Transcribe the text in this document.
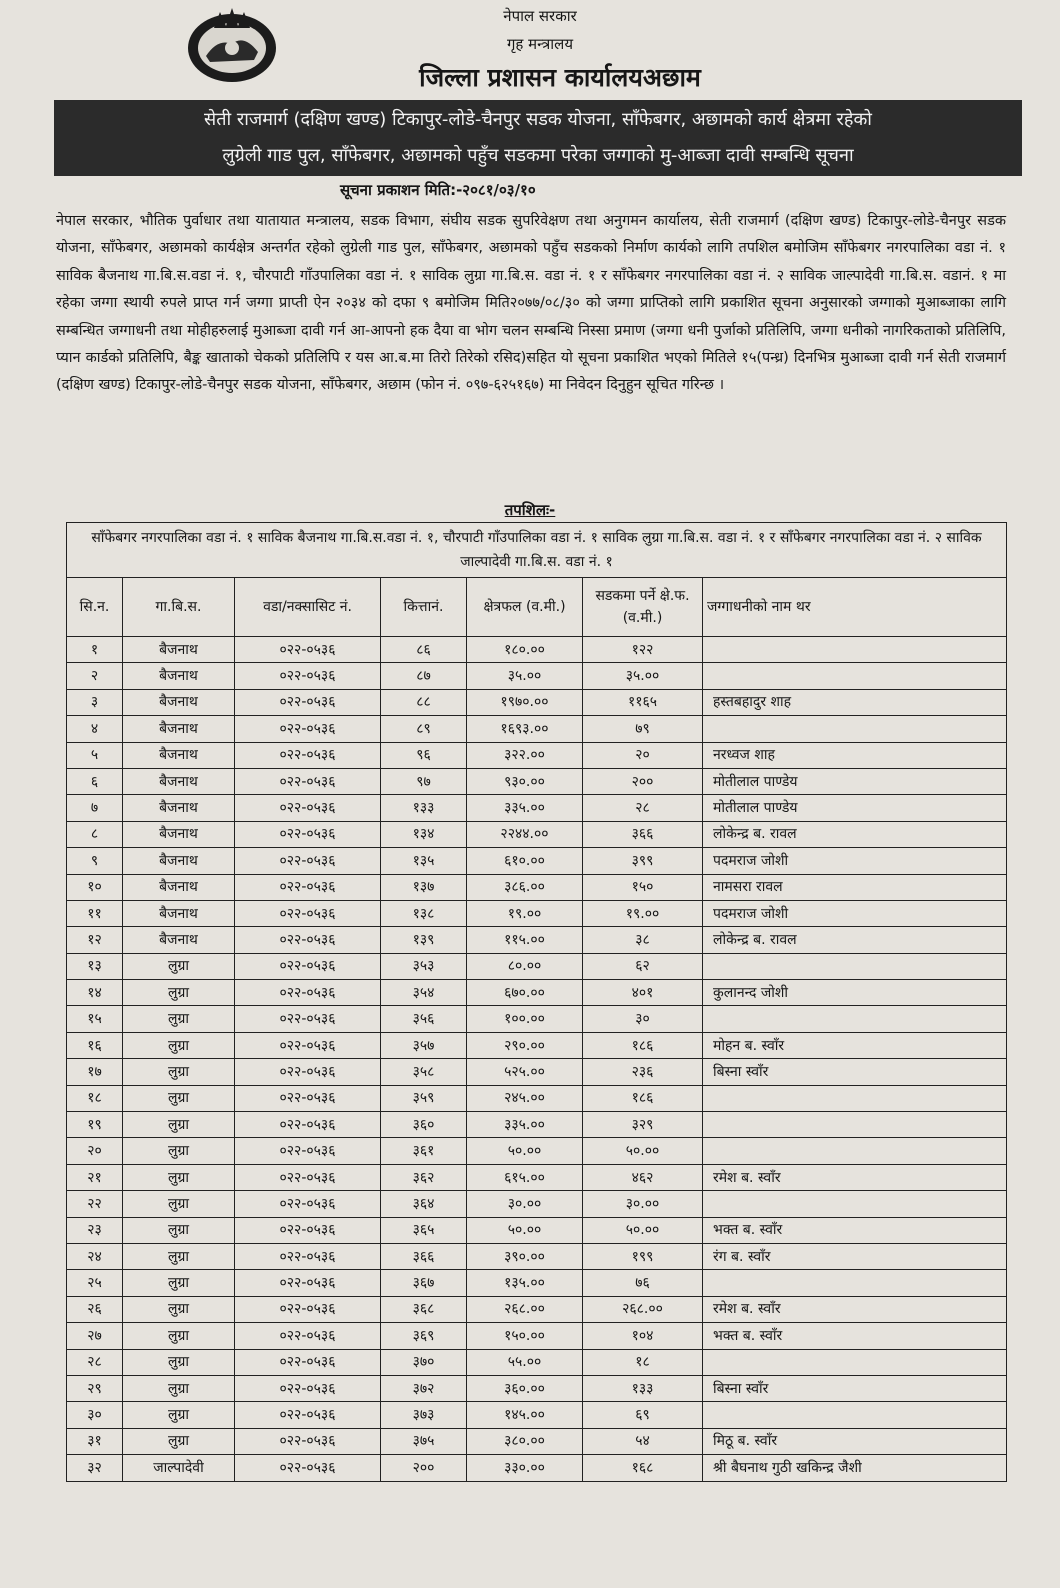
नेपाल सरकार
गृह मन्त्रालय
जिल्ला प्रशासन कार्यालयअछाम
सेती राजमार्ग (दक्षिण खण्ड) टिकापुर-लोडे-चैनपुर सडक योजना, साँफेबगर, अछामको कार्य क्षेत्रमा रहेको
लुग्रेली गाड पुल, साँफेबगर, अछामको पहुँच सडकमा परेका जग्गाको मु-आब्जा दावी सम्बन्धि सूचना
सूचना प्रकाशन मिति:-२०८१/०३/१०
नेपाल सरकार, भौतिक पुर्वाधार तथा यातायात मन्त्रालय, सडक विभाग, संघीय सडक सुपरिवेक्षण तथा अनुगमन कार्यालय, सेती राजमार्ग (दक्षिण खण्ड) टिकापुर-लोडे-चैनपुर सडक योजना, साँफेबगर, अछामको कार्यक्षेत्र अन्तर्गत रहेको लुग्रेली गाड पुल, साँफेबगर, अछामको पहुँच सडकको निर्माण कार्यको लागि तपशिल बमोजिम साँफेबगर नगरपालिका वडा नं. १ साविक बैजनाथ गा.बि.स.वडा नं. १, चौरपाटी गाँउपालिका वडा नं. १ साविक लुग्रा गा.बि.स. वडा नं. १ र साँफेबगर नगरपालिका वडा नं. २ साविक जाल्पादेवी गा.बि.स. वडानं. १ मा रहेका जग्गा स्थायी रुपले प्राप्त गर्न जग्गा प्राप्ती ऐन २०३४ को दफा ९ बमोजिम मिति२०७७/०८/३० को जग्गा प्राप्तिको लागि प्रकाशित सूचना अनुसारको जग्गाको मुआब्जाका लागि सम्बन्धित जग्गाधनी तथा मोहीहरुलाई मुआब्जा दावी गर्न आ-आपनो हक दैया वा भोग चलन सम्बन्धि निस्सा प्रमाण (जग्गा धनी पुर्जाको प्रतिलिपि, जग्गा धनीको नागरिकताको प्रतिलिपि, प्यान कार्डको प्रतिलिपि, बैङ्क खाताको चेकको प्रतिलिपि र यस आ.ब.मा तिरो तिरेको रसिद)सहित यो सूचना प्रकाशित भएको मितिले १५(पन्ध्र) दिनभित्र मुआब्जा दावी गर्न सेती राजमार्ग (दक्षिण खण्ड) टिकापुर-लोडे-चैनपुर सडक योजना, साँफेबगर, अछाम (फोन नं. ०९७-६२५१६७) मा निवेदन दिनुहुन सूचित गरिन्छ ।
तपशिलः-
साँफेबगर नगरपालिका वडा नं. १ साविक बैजनाथ गा.बि.स.वडा नं. १, चौरपाटी गाँउपालिका वडा नं. १ साविक लुग्रा गा.बि.स. वडा नं. १ र साँफेबगर नगरपालिका वडा नं. २ साविक जाल्पादेवी गा.बि.स. वडा नं. १						
सि.न.	गा.बि.स.	वडा/नक्सासिट नं.	कित्तानं.	क्षेत्रफल (व.मी.)	सडकमा पर्ने क्षे.फ. (व.मी.)	जग्गाधनीको नाम थर
१	बैजनाथ	०२२-०५३६	८६	१८०.००	१२२	
२	बैजनाथ	०२२-०५३६	८७	३५.००	३५.००	
३	बैजनाथ	०२२-०५३६	८८	१९७०.००	११६५	हस्तबहादुर शाह
४	बैजनाथ	०२२-०५३६	८९	१६९३.००	७९	
५	बैजनाथ	०२२-०५३६	९६	३२२.००	२०	नरध्वज शाह
६	बैजनाथ	०२२-०५३६	९७	९३०.००	२००	मोतीलाल पाण्डेय
७	बैजनाथ	०२२-०५३६	१३३	३३५.००	२८	मोतीलाल पाण्डेय
८	बैजनाथ	०२२-०५३६	१३४	२२४४.००	३६६	लोकेन्द्र ब. रावल
९	बैजनाथ	०२२-०५३६	१३५	६१०.००	३९९	पदमराज जोशी
१०	बैजनाथ	०२२-०५३६	१३७	३८६.००	१५०	नामसरा रावल
११	बैजनाथ	०२२-०५३६	१३८	१९.००	१९.००	पदमराज जोशी
१२	बैजनाथ	०२२-०५३६	१३९	११५.००	३८	लोकेन्द्र ब. रावल
१३	लुग्रा	०२२-०५३६	३५३	८०.००	६२	
१४	लुग्रा	०२२-०५३६	३५४	६७०.००	४०१	कुलानन्द जोशी
१५	लुग्रा	०२२-०५३६	३५६	१००.००	३०	
१६	लुग्रा	०२२-०५३६	३५७	२९०.००	१८६	मोहन ब. स्वाँर
१७	लुग्रा	०२२-०५३६	३५८	५२५.००	२३६	बिस्ना स्वाँर
१८	लुग्रा	०२२-०५३६	३५९	२४५.००	१८६	
१९	लुग्रा	०२२-०५३६	३६०	३३५.००	३२९	
२०	लुग्रा	०२२-०५३६	३६१	५०.००	५०.००	
२१	लुग्रा	०२२-०५३६	३६२	६१५.००	४६२	रमेश ब. स्वाँर
२२	लुग्रा	०२२-०५३६	३६४	३०.००	३०.००	
२३	लुग्रा	०२२-०५३६	३६५	५०.००	५०.००	भक्त ब. स्वाँर
२४	लुग्रा	०२२-०५३६	३६६	३९०.००	१९९	रंग ब. स्वाँर
२५	लुग्रा	०२२-०५३६	३६७	१३५.००	७६	
२६	लुग्रा	०२२-०५३६	३६८	२६८.००	२६८.००	रमेश ब. स्वाँर
२७	लुग्रा	०२२-०५३६	३६९	१५०.००	१०४	भक्त ब. स्वाँर
२८	लुग्रा	०२२-०५३६	३७०	५५.००	१८	
२९	लुग्रा	०२२-०५३६	३७२	३६०.००	१३३	बिस्ना स्वाँर
३०	लुग्रा	०२२-०५३६	३७३	१४५.००	६९	
३१	लुग्रा	०२२-०५३६	३७५	३८०.००	५४	मिठू ब. स्वाँर
३२	जाल्पादेवी	०२२-०५३६	२००	३३०.००	१६८	श्री बैघनाथ गुठी खकिन्द्र जैशी
